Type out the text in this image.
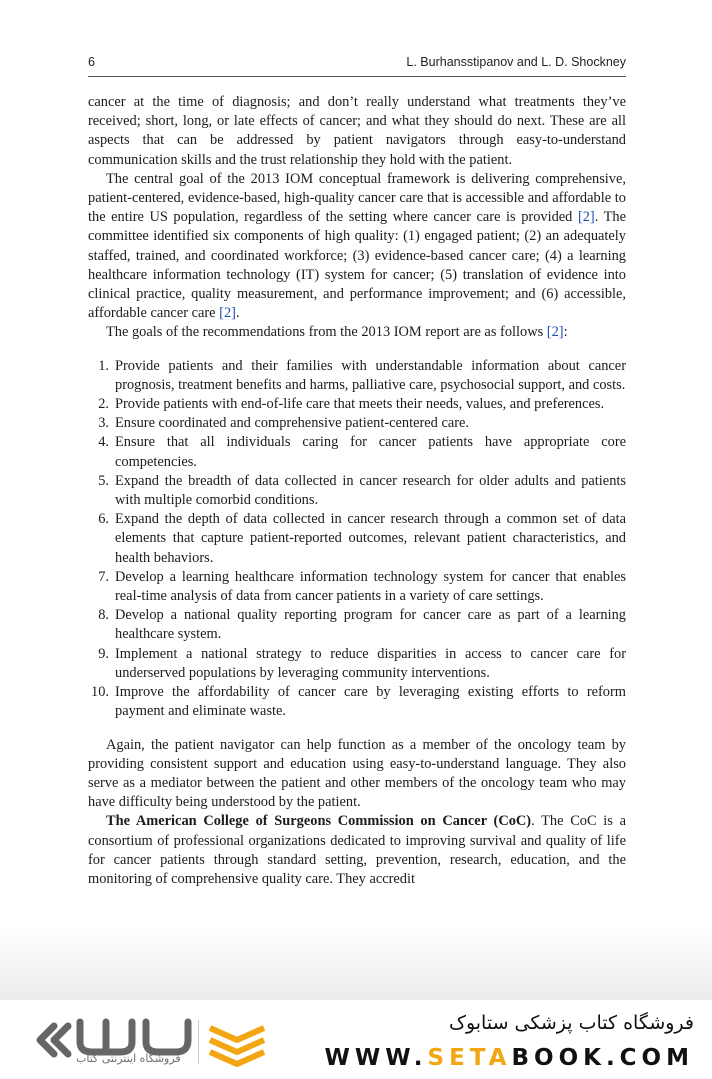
6	L. Burhansstipanov and L. D. Shockney

cancer at the time of diagnosis; and don’t really understand what treatments they’ve received; short, long, or late effects of cancer; and what they should do next. These are all aspects that can be addressed by patient navigators through easy-to-understand communication skills and the trust relationship they hold with the patient.

The central goal of the 2013 IOM conceptual framework is delivering comprehensive, patient-centered, evidence-based, high-quality cancer care that is accessible and affordable to the entire US population, regardless of the setting where cancer care is provided [2]. The committee identified six components of high quality: (1) engaged patient; (2) an adequately staffed, trained, and coordinated workforce; (3) evidence-based cancer care; (4) a learning healthcare information technology (IT) system for cancer; (5) translation of evidence into clinical practice, quality measurement, and performance improvement; and (6) accessible, affordable cancer care [2].

The goals of the recommendations from the 2013 IOM report are as follows [2]:

1. Provide patients and their families with understandable information about cancer prognosis, treatment benefits and harms, palliative care, psychosocial support, and costs.
2. Provide patients with end-of-life care that meets their needs, values, and preferences.
3. Ensure coordinated and comprehensive patient-centered care.
4. Ensure that all individuals caring for cancer patients have appropriate core competencies.
5. Expand the breadth of data collected in cancer research for older adults and patients with multiple comorbid conditions.
6. Expand the depth of data collected in cancer research through a common set of data elements that capture patient-reported outcomes, relevant patient characteristics, and health behaviors.
7. Develop a learning healthcare information technology system for cancer that enables real-time analysis of data from cancer patients in a variety of care settings.
8. Develop a national quality reporting program for cancer care as part of a learning healthcare system.
9. Implement a national strategy to reduce disparities in access to cancer care for underserved populations by leveraging community interventions.
10. Improve the affordability of cancer care by leveraging existing efforts to reform payment and eliminate waste.

Again, the patient navigator can help function as a member of the oncology team by providing consistent support and education using easy-to-understand language. They also serve as a mediator between the patient and other members of the oncology team who may have difficulty being understood by the patient.

The American College of Surgeons Commission on Cancer (CoC). The CoC is a consortium of professional organizations dedicated to improving survival and quality of life for cancer patients through standard setting, prevention, research, education, and the monitoring of comprehensive quality care. They accredit

فروشگاه اینترنتی کتاب
فروشگاه کتاب پزشکی ستابوک
WWW.SETABOOK.COM
